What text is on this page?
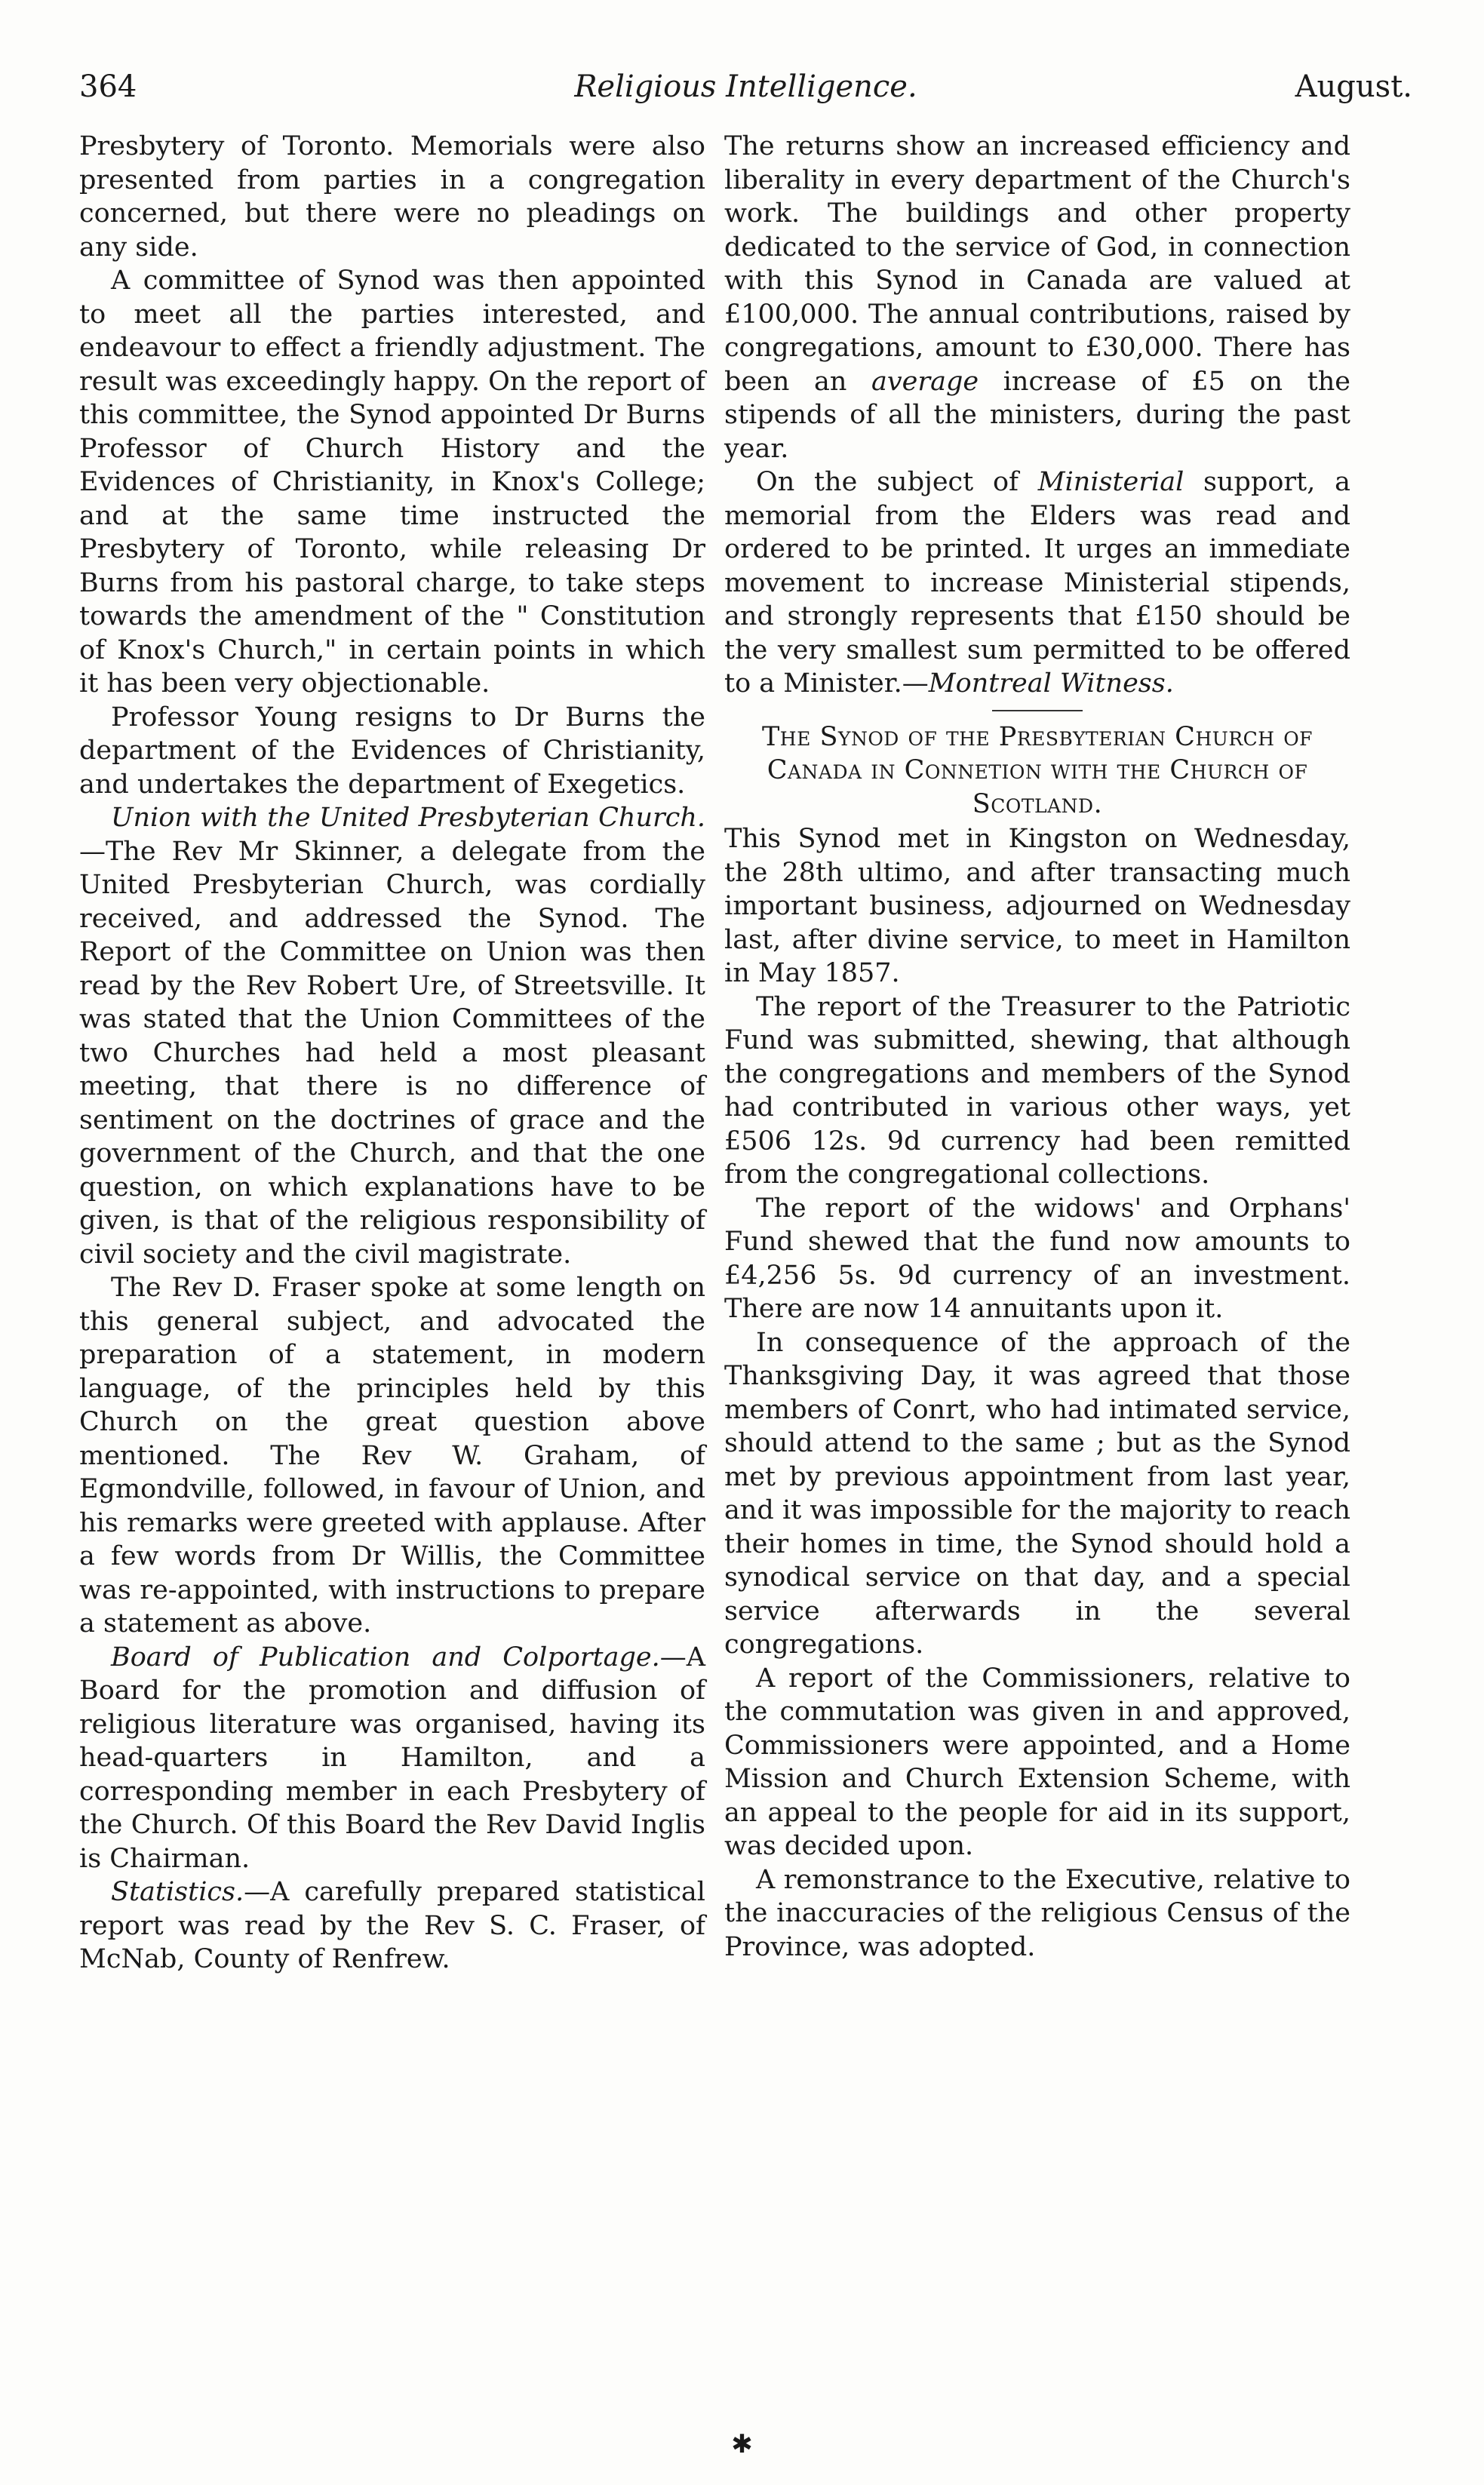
364	Religious Intelligence.	August.

Presbytery of Toronto. Memorials were also presented from parties in a congregation concerned, but there were no pleadings on any side.

A committee of Synod was then appointed to meet all the parties interested, and endeavour to effect a friendly adjustment. The result was exceedingly happy. On the report of this committee, the Synod appointed Dr Burns Professor of Church History and the Evidences of Christianity, in Knox's College; and at the same time instructed the Presbytery of Toronto, while releasing Dr Burns from his pastoral charge, to take steps towards the amendment of the " Constitution of Knox's Church," in certain points in which it has been very objectionable.

Professor Young resigns to Dr Burns the department of the Evidences of Christianity, and undertakes the department of Exegetics.

Union with the United Presbyterian Church.—The Rev Mr Skinner, a delegate from the United Presbyterian Church, was cordially received, and addressed the Synod. The Report of the Committee on Union was then read by the Rev Robert Ure, of Streetsville. It was stated that the Union Committees of the two Churches had held a most pleasant meeting, that there is no difference of sentiment on the doctrines of grace and the government of the Church, and that the one question, on which explanations have to be given, is that of the religious responsibility of civil society and the civil magistrate.

The Rev D. Fraser spoke at some length on this general subject, and advocated the preparation of a statement, in modern language, of the principles held by this Church on the great question above mentioned. The Rev W. Graham, of Egmondville, followed, in favour of Union, and his remarks were greeted with applause. After a few words from Dr Willis, the Committee was re-appointed, with instructions to prepare a statement as above.

Board of Publication and Colportage.—A Board for the promotion and diffusion of religious literature was organised, having its head-quarters in Hamilton, and a corresponding member in each Presbytery of the Church. Of this Board the Rev David Inglis is Chairman.

Statistics.—A carefully prepared statistical report was read by the Rev S. C. Fraser, of McNab, County of Renfrew.

The returns show an increased efficiency and liberality in every department of the Church's work. The buildings and other property dedicated to the service of God, in connection with this Synod in Canada are valued at £100,000. The annual contributions, raised by congregations, amount to £30,000. There has been an average increase of £5 on the stipends of all the ministers, during the past year.

On the subject of Ministerial support, a memorial from the Elders was read and ordered to be printed. It urges an immediate movement to increase Ministerial stipends, and strongly represents that £150 should be the very smallest sum permitted to be offered to a Minister.—Montreal Witness.

The Synod of the Presbyterian Church of Canada in Connetion with the Church of Scotland.

This Synod met in Kingston on Wednesday, the 28th ultimo, and after transacting much important business, adjourned on Wednesday last, after divine service, to meet in Hamilton in May 1857.

The report of the Treasurer to the Patriotic Fund was submitted, shewing, that although the congregations and members of the Synod had contributed in various other ways, yet £506 12s. 9d currency had been remitted from the congregational collections.

The report of the widows' and Orphans' Fund shewed that the fund now amounts to £4,256 5s. 9d currency of an investment. There are now 14 annuitants upon it.

In consequence of the approach of the Thanksgiving Day, it was agreed that those members of Conrt, who had intimated service, should attend to the same ; but as the Synod met by previous appointment from last year, and it was impossible for the majority to reach their homes in time, the Synod should hold a synodical service on that day, and a special service afterwards in the several congregations.

A report of the Commissioners, relative to the commutation was given in and approved, Commissioners were appointed, and a Home Mission and Church Extension Scheme, with an appeal to the people for aid in its support, was decided upon.

A remonstrance to the Executive, relative to the inaccuracies of the religious Census of the Province, was adopted.

✱
